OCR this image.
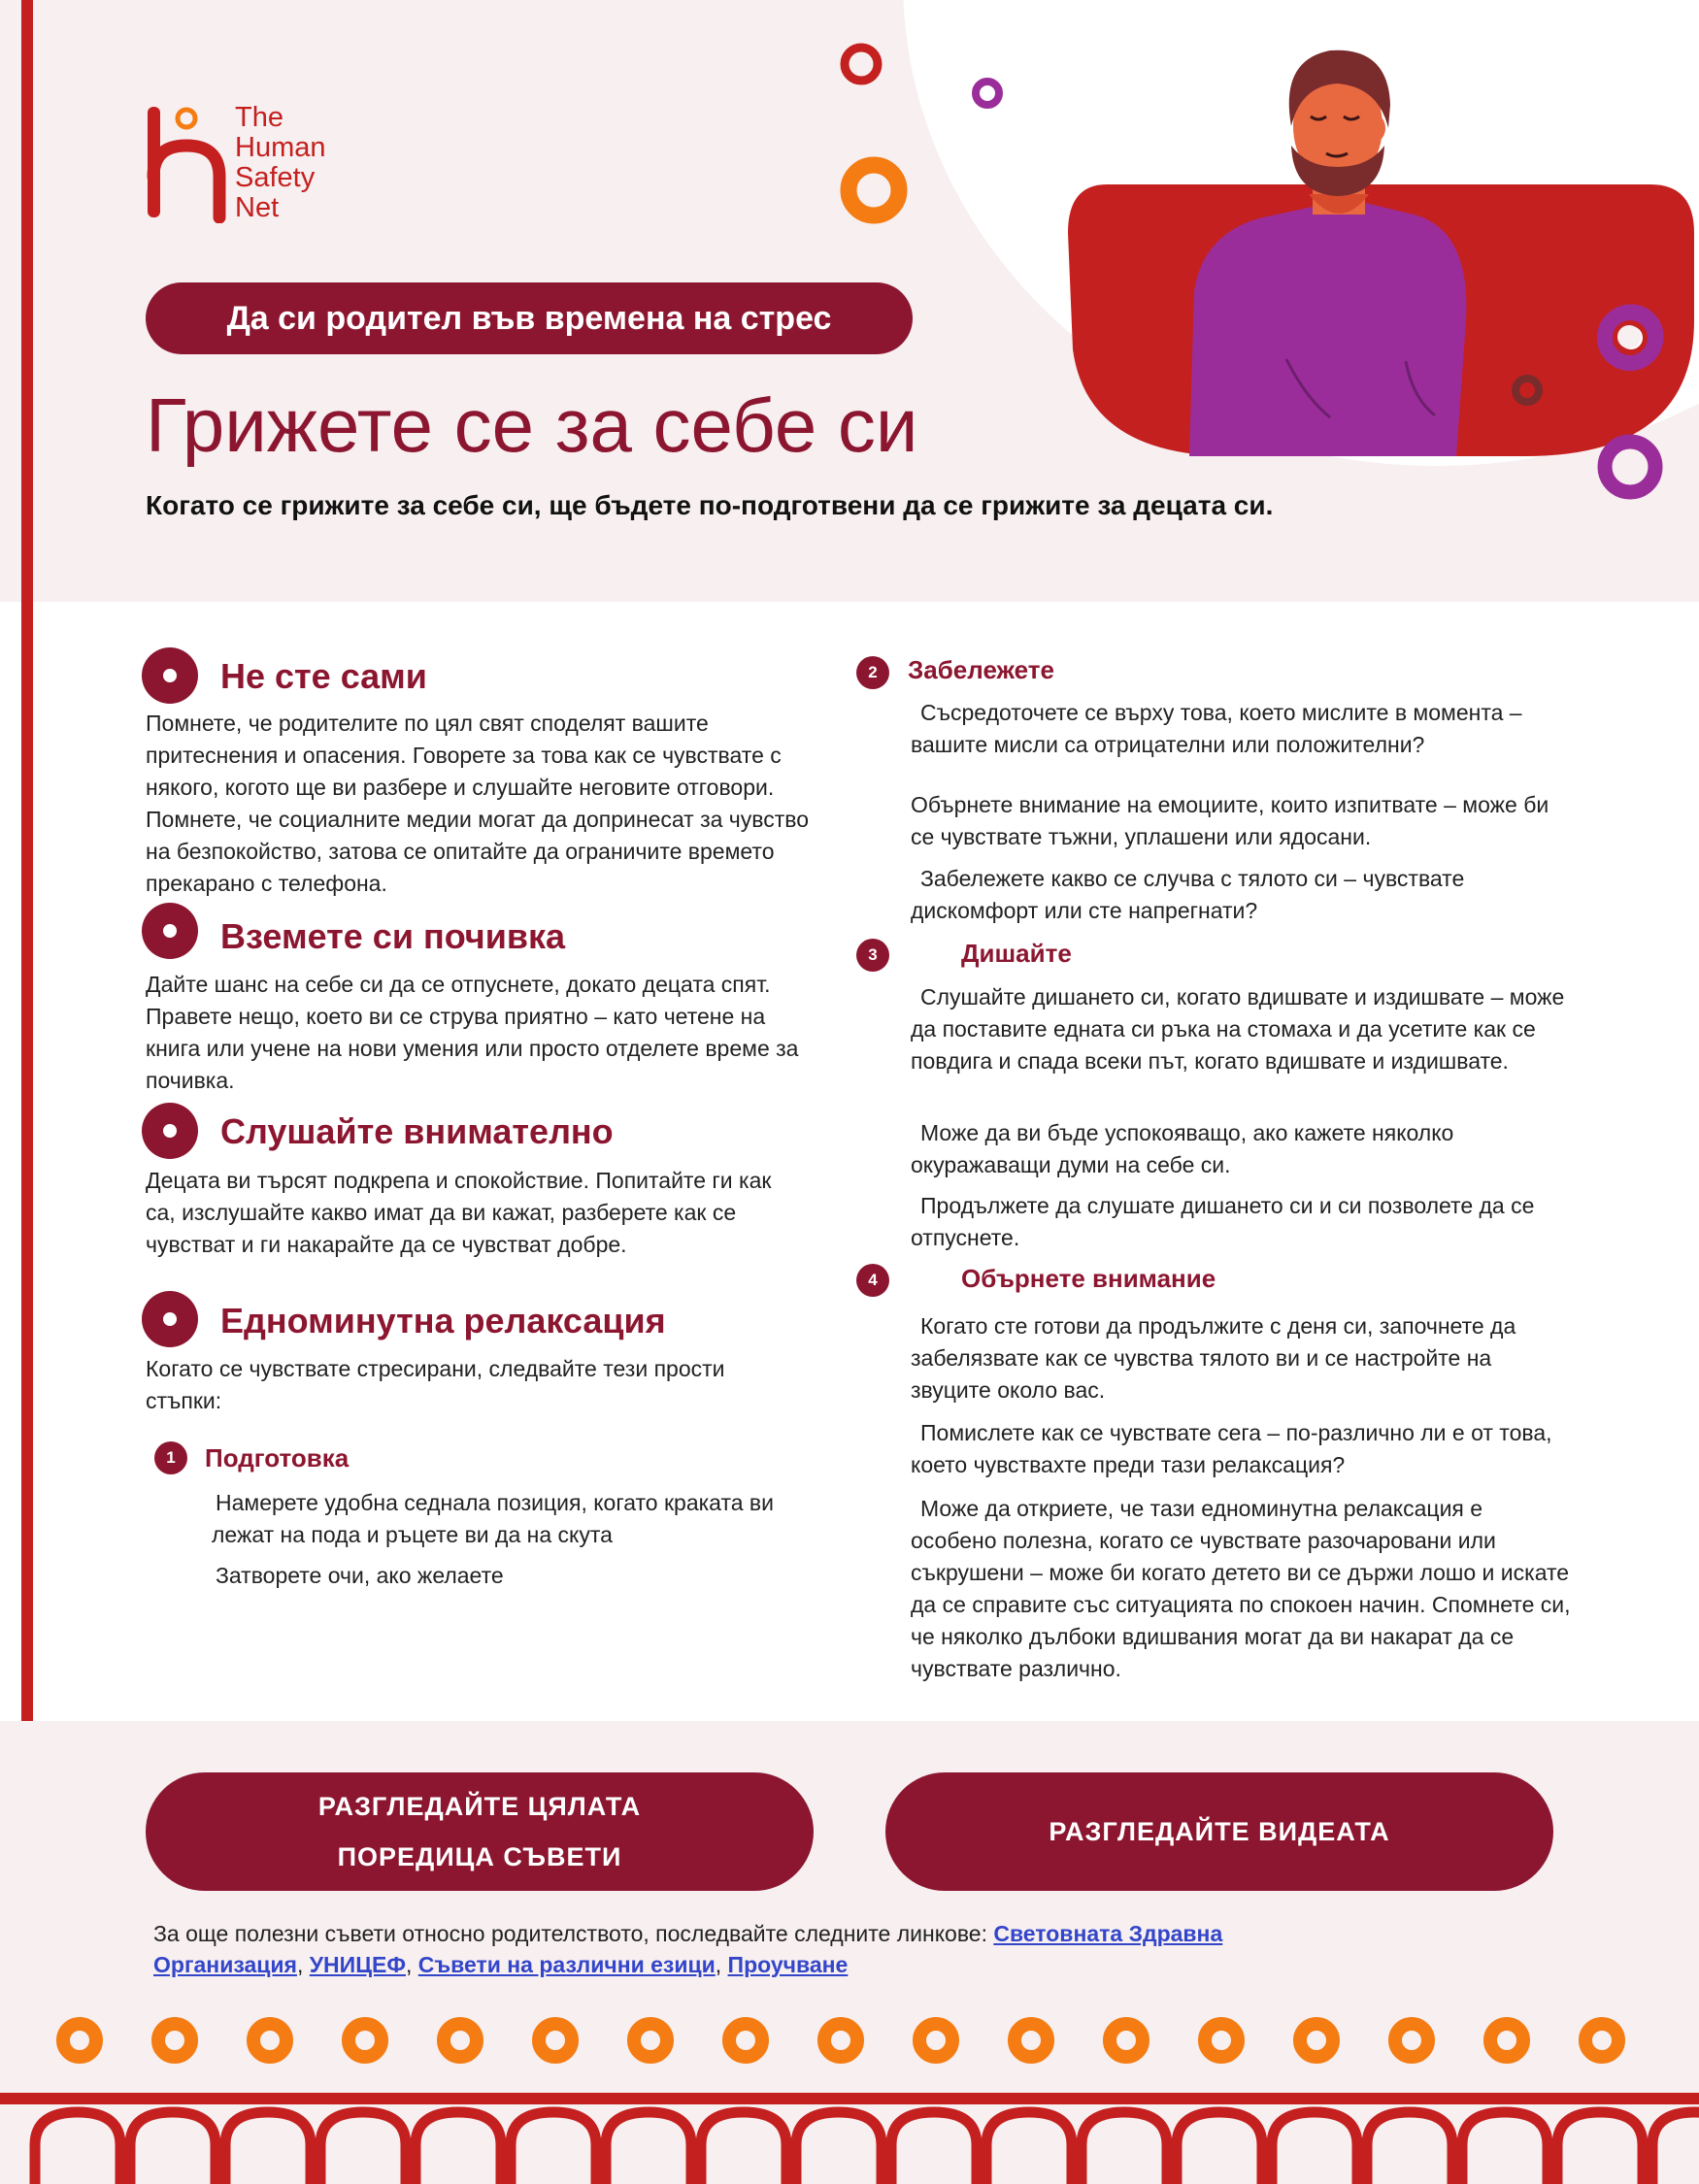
The
Human
Safety
Net
Да си родител във времена на стрес
Грижете се за себе си
Когато се грижите за себе си, ще бъдете по-подготвени да се грижите за децата си.
Не сте сами
Помнете, че родителите по цял свят споделят вашите притеснения и опасения. Говорете за това как се чувствате с някого, когото ще ви разбере и слушайте неговите отговори. Помнете, че социалните медии могат да допринесат за чувство на безпокойство, затова се опитайте да ограничите времето прекарано с телефона.
Вземете си почивка
Дайте шанс на себе си да се отпуснете, докато децата спят. Правете нещо, което ви се струва приятно – като четене на книга или учене на нови умения или просто отделете време за почивка.
Слушайте внимателно
Децата ви търсят подкрепа и спокойствие. Попитайте ги как са, изслушайте какво имат да ви кажат, разберете как се чувстват и ги накарайте да се чувстват добре.
Едноминутна релаксация
Когато се чувствате стресирани, следвайте тези прости стъпки:
1	Подготовка
Намерете удобна седнала позиция, когато краката ви лежат на пода и ръцете ви да на скута
Затворете очи, ако желаете
2	Забележете
Съсредоточете се върху това, което мислите в момента – вашите мисли са отрицателни или положителни?
Обърнете внимание на емоциите, които изпитвате – може би се чувствате тъжни, уплашени или ядосани.
Забележете какво се случва с тялото си – чувствате дискомфорт или сте напрегнати?
3	Дишайте
Слушайте дишането си, когато вдишвате и издишвате – може да поставите едната си ръка на стомаха и да усетите как се повдига и спада всеки път, когато вдишвате и издишвате.
Може да ви бъде успокояващо, ако кажете няколко окуражаващи думи на себе си.
Продължете да слушате дишането си и си позволете да се отпуснете.
4	Обърнете внимание
Когато сте готови да продължите с деня си, започнете да забелязвате как се чувства тялото ви и се настройте на звуците около вас.
Помислете как се чувствате сега – по-различно ли е от това, което чувствахте преди тази релаксация?
Може да откриете, че тази едноминутна релаксация е особено полезна, когато се чувствате разочаровани или съкрушени – може би когато детето ви се държи лошо и искате да се справите със ситуацията по спокоен начин. Спомнете си, че няколко дълбоки вдишвания могат да ви накарат да се чувствате различно.
РАЗГЛЕДАЙТЕ ЦЯЛАТА
ПОРЕДИЦА СЪВЕТИ
РАЗГЛЕДАЙТЕ ВИДЕАТА
За още полезни съвети относно родителството, последвайте следните линкове: Световната Здравна Организация, УНИЦЕФ, Съвети на различни езици, Проучване
